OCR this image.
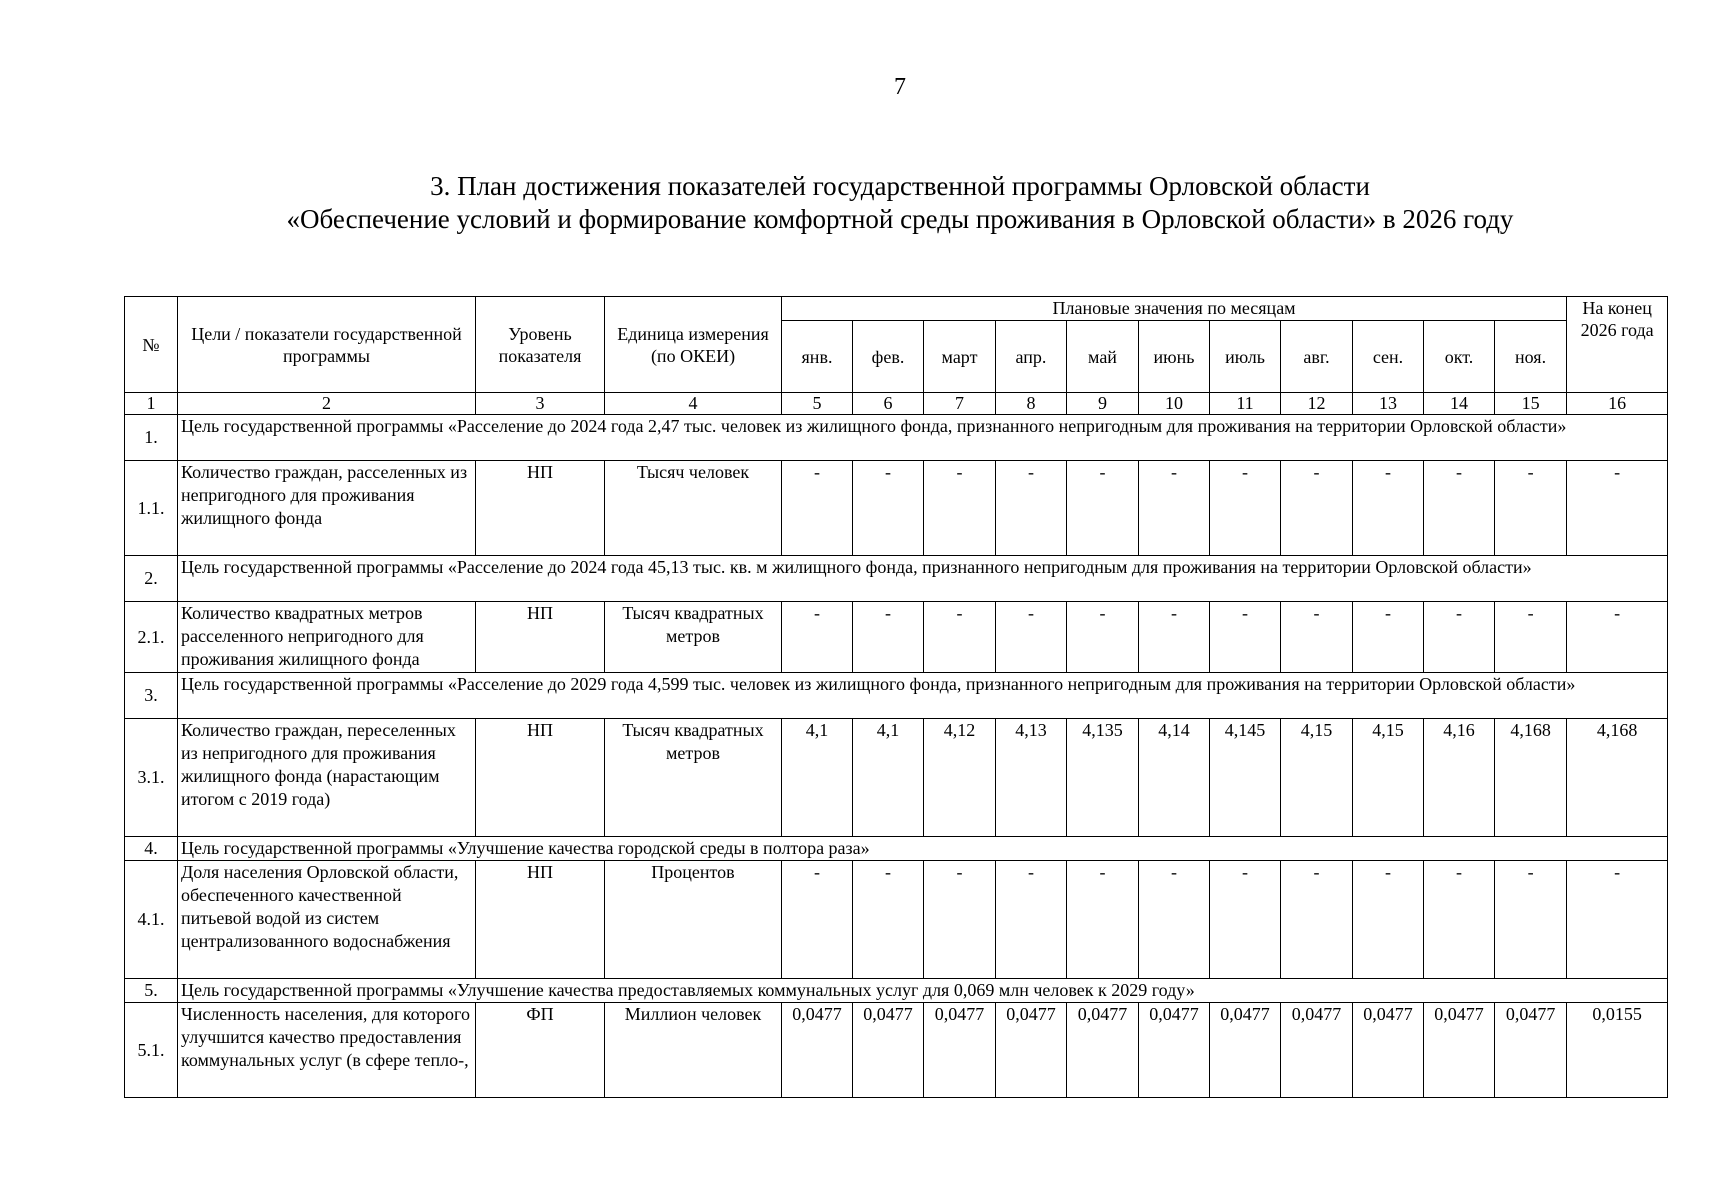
7
3. План достижения показателей государственной программы Орловской области
«Обеспечение условий и формирование комфортной среды проживания в Орловской области» в 2026 году
№	Цели / показатели государственной программы	Уровень показателя	Единица измерения (по ОКЕИ)	Плановые значения по месяцам											На конец 2026 года
				янв.	фев.	март	апр.	май	июнь	июль	авг.	сен.	окт.	ноя.	
1	2	3	4	5	6	7	8	9	10	11	12	13	14	15	16
1.	Цель государственной программы «Расселение до 2024 года 2,47 тыс. человек из жилищного фонда, признанного непригодным для проживания на территории Орловской области»														
1.1.	Количество граждан, расселенных из непригодного для проживания жилищного фонда	НП	Тысяч человек	-	-	-	-	-	-	-	-	-	-	-	-
2.	Цель государственной программы «Расселение до 2024 года 45,13 тыс. кв. м жилищного фонда, признанного непригодным для проживания на территории Орловской области»														
2.1.	Количество квадратных метров расселенного непригодного для проживания жилищного фонда	НП	Тысяч квадратных метров	-	-	-	-	-	-	-	-	-	-	-	-
3.	Цель государственной программы «Расселение до 2029 года 4,599 тыс. человек из жилищного фонда, признанного непригодным для проживания на территории Орловской области»														
3.1.	Количество граждан, переселенных из непригодного для проживания жилищного фонда (нарастающим итогом с 2019 года)	НП	Тысяч квадратных метров	4,1	4,1	4,12	4,13	4,135	4,14	4,145	4,15	4,15	4,16	4,168	4,168
4.	Цель государственной программы «Улучшение качества городской среды в полтора раза»														
4.1.	Доля населения Орловской области, обеспеченного качественной питьевой водой из систем централизованного водоснабжения	НП	Процентов	-	-	-	-	-	-	-	-	-	-	-	-
5.	Цель государственной программы «Улучшение качества предоставляемых коммунальных услуг для 0,069 млн человек к 2029 году»														
5.1.	Численность населения, для которого улучшится качество предоставления коммунальных услуг (в сфере тепло-,	ФП	Миллион человек	0,0477	0,0477	0,0477	0,0477	0,0477	0,0477	0,0477	0,0477	0,0477	0,0477	0,0477	0,0155
